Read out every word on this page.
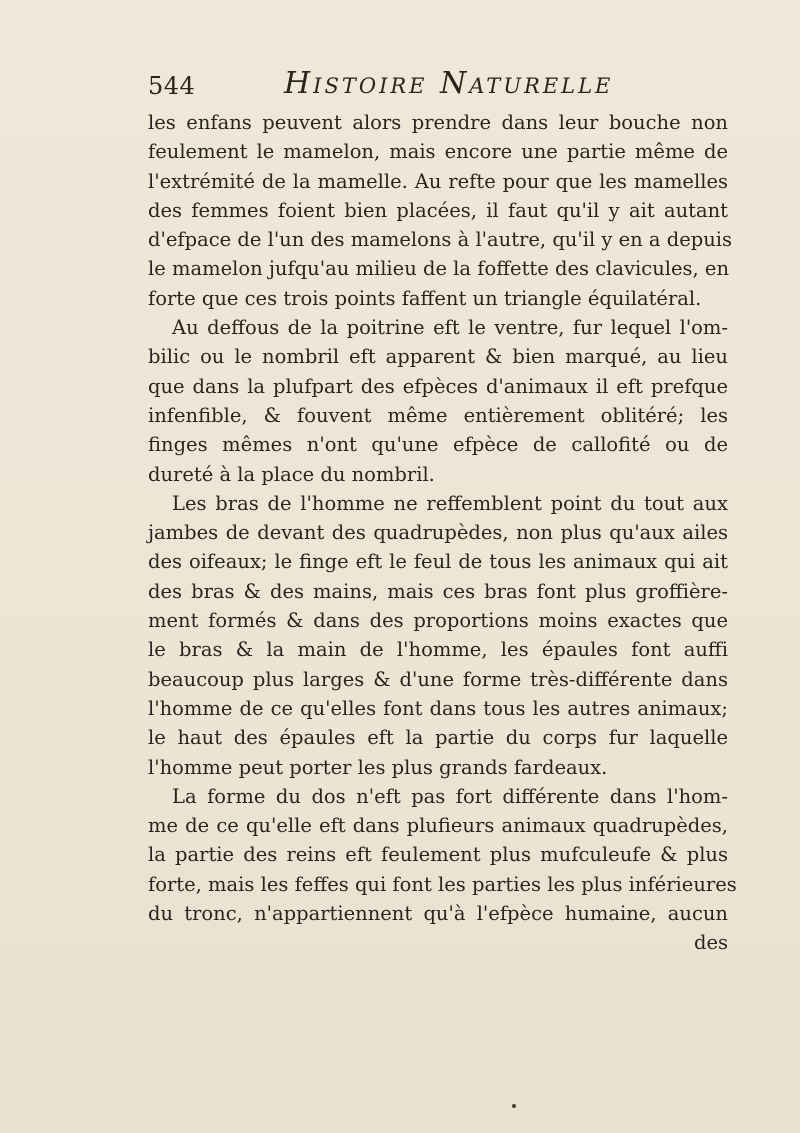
544	Histoire Naturelle
les enfans peuvent alors prendre dans leur bouche non
feulement le mamelon, mais encore une partie même de
l'extrémité de la mamelle. Au refte pour que les mamelles
des femmes foient bien placées, il faut qu'il y ait autant
d'efpace de l'un des mamelons à l'autre, qu'il y en a depuis
le mamelon jufqu'au milieu de la foffette des clavicules, en
forte que ces trois points faffent un triangle équilatéral.
Au deffous de la poitrine eft le ventre, fur lequel l'om-
bilic ou le nombril eft apparent & bien marqué, au lieu
que dans la plufpart des efpèces d'animaux il eft prefque
infenfible, & fouvent même entièrement oblitéré; les
finges mêmes n'ont qu'une efpèce de callofité ou de
dureté à la place du nombril.
Les bras de l'homme ne reffemblent point du tout aux
jambes de devant des quadrupèdes, non plus qu'aux ailes
des oifeaux; le finge eft le feul de tous les animaux qui ait
des bras & des mains, mais ces bras font plus groffière-
ment formés & dans des proportions moins exactes que
le bras & la main de l'homme, les épaules font auffi
beaucoup plus larges & d'une forme très-différente dans
l'homme de ce qu'elles font dans tous les autres animaux;
le haut des épaules eft la partie du corps fur laquelle
l'homme peut porter les plus grands fardeaux.
La forme du dos n'eft pas fort différente dans l'hom-
me de ce qu'elle eft dans plufieurs animaux quadrupèdes,
la partie des reins eft feulement plus mufculeufe & plus
forte, mais les feffes qui font les parties les plus inférieures
du tronc, n'appartiennent qu'à l'efpèce humaine, aucun
des
